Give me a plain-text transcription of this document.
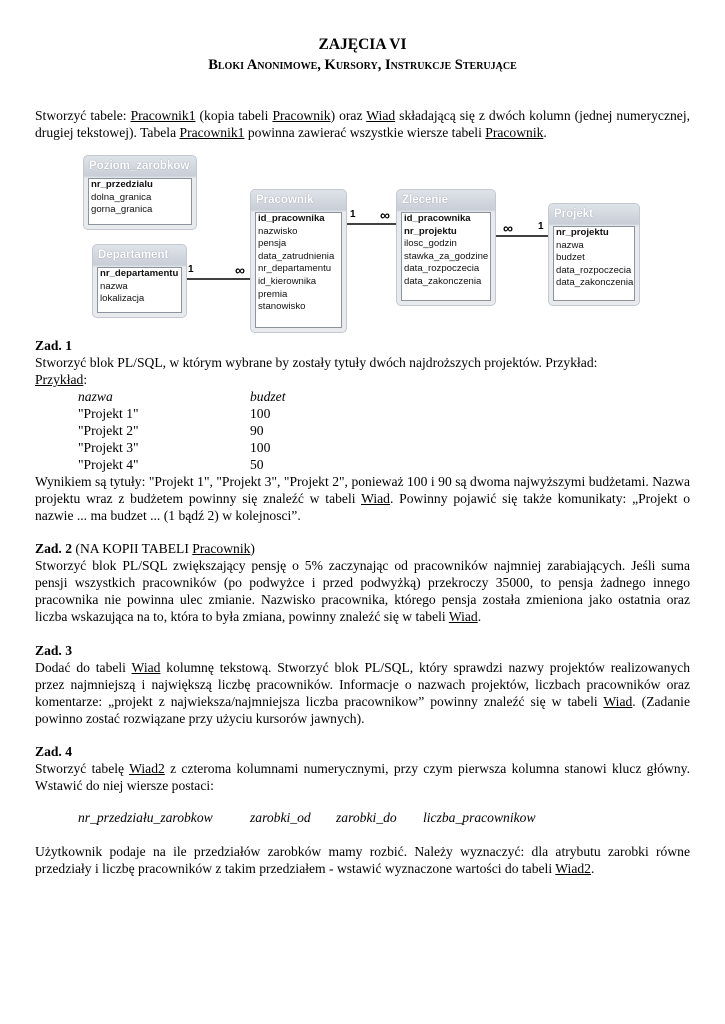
ZAJĘCIA VI
Bloki Anonimowe, Kursory, Instrukcje Sterujące
Stworzyć tabele: Pracownik1 (kopia tabeli Pracownik) oraz Wiad składającą się z dwóch kolumn (jednej numerycznej, drugiej tekstowej). Tabela Pracownik1 powinna zawierać wszystkie wiersze tabeli Pracownik.
1	∞
1 ∞
∞	1
Poziom_zarobkow
nr_przedzialu
dolna_granica
gorna_granica
Departament
nr_departamentu
nazwa
lokalizacja
Pracownik
id_pracownika
nazwisko
pensja
data_zatrudnienia
nr_departamentu
id_kierownika
premia
stanowisko
Zlecenie
id_pracownika
nr_projektu
ilosc_godzin
stawka_za_godzine
data_rozpoczecia
data_zakonczenia
Projekt
nr_projektu
nazwa
budzet
data_rozpoczecia
data_zakonczenia
Zad. 1
Stworzyć blok PL/SQL, w którym wybrane by zostały tytuły dwóch najdroższych projektów. Przykład:
Przykład:
nazwa	budzet
"Projekt 1"	100
"Projekt 2"	90
"Projekt 3"	100
"Projekt 4"	50
Wynikiem są tytuły: "Projekt 1", "Projekt 3", "Projekt 2", ponieważ 100 i 90 są dwoma najwyższymi budżetami. Nazwa projektu wraz z budżetem powinny się znaleźć w tabeli Wiad. Powinny pojawić się także komunikaty: „Projekt o nazwie ... ma budzet ... (1 bądź 2) w kolejnosci”.
Zad. 2 (NA KOPII TABELI Pracownik)
Stworzyć blok PL/SQL zwiększający pensję o 5% zaczynając od pracowników najmniej zarabiających. Jeśli suma pensji wszystkich pracowników (po podwyżce i przed podwyżką) przekroczy 35000, to pensja żadnego innego pracownika nie powinna ulec zmianie. Nazwisko pracownika, którego pensja została zmieniona jako ostatnia oraz liczba wskazująca na to, która to była zmiana, powinny znaleźć się w tabeli Wiad.
Zad. 3
Dodać do tabeli Wiad kolumnę tekstową. Stworzyć blok PL/SQL, który sprawdzi nazwy projektów realizowanych przez najmniejszą i największą liczbę pracowników. Informacje o nazwach projektów, liczbach pracowników oraz komentarze: „projekt z najwieksza/najmniejsza liczba pracownikow” powinny znaleźć się w tabeli Wiad. (Zadanie powinno zostać rozwiązane przy użyciu kursorów jawnych).
Zad. 4
Stworzyć tabelę Wiad2 z czteroma kolumnami numerycznymi, przy czym pierwsza kolumna stanowi klucz główny. Wstawić do niej wiersze postaci:
nr_przedziału_zarobkow	zarobki_od zarobki_do liczba_pracownikow
Użytkownik podaje na ile przedziałów zarobków mamy rozbić. Należy wyznaczyć: dla atrybutu zarobki równe przedziały i liczbę pracowników z takim przedziałem - wstawić wyznaczone wartości do tabeli Wiad2.
